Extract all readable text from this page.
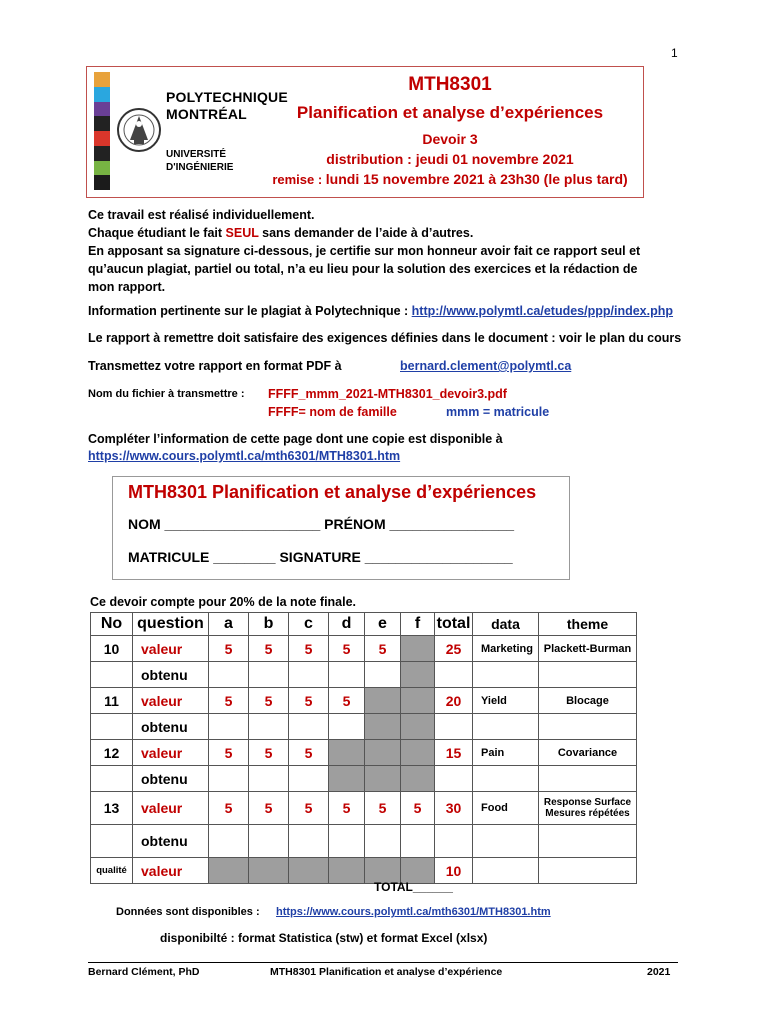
1
POLYTECHNIQUE
MONTRÉAL
UNIVERSITÉ
D'INGÉNIERIE
MTH8301
Planification et analyse d’expériences
Devoir 3
distribution : jeudi 01 novembre 2021
remise : lundi 15 novembre 2021 à 23h30 (le plus tard)
Ce travail est réalisé individuellement.
Chaque étudiant le fait SEUL sans demander de l’aide à d’autres.
En apposant sa signature ci-dessous, je certifie sur mon honneur avoir fait ce rapport seul et
qu’aucun plagiat, partiel ou total, n’a eu lieu pour la solution des exercices et la rédaction de
mon rapport.
Information pertinente sur le plagiat à Polytechnique : http://www.polymtl.ca/etudes/ppp/index.php
Le rapport à remettre doit satisfaire des exigences définies dans le document : voir le plan du cours
Transmettez votre rapport en format PDF à	bernard.clement@polymtl.ca
Nom du fichier à transmettre : FFFF_mmm_2021-MTH8301_devoir3.pdf
FFFF= nom de famille	mmm = matricule
Compléter l’information de cette page dont une copie est disponible à
https://www.cours.polymtl.ca/mth6301/MTH8301.htm
MTH8301 Planification et analyse d’expériences
NOM ____________________ PRÉNOM ________________
MATRICULE ________ SIGNATURE ___________________
Ce devoir compte pour 20% de la note finale.
No	question	a	b	c	d	e	f	total	data	theme
10	valeur	5	5	5	5	5		25	Marketing	Plackett-Burman
	obtenu									
11	valeur	5	5	5	5			20	Yield	Blocage
	obtenu									
12	valeur	5	5	5				15	Pain	Covariance
	obtenu									
13	valeur	5	5	5	5	5	5	30	Food	Response Surface
Mesures répétées
	obtenu									
qualité	valeur							10		
TOTAL______
Données sont disponibles : https://www.cours.polymtl.ca/mth6301/MTH8301.htm
disponibilté : format Statistica (stw) et format Excel (xlsx)
Bernard Clément, PhD	MTH8301 Planification et analyse d’expérience	2021
